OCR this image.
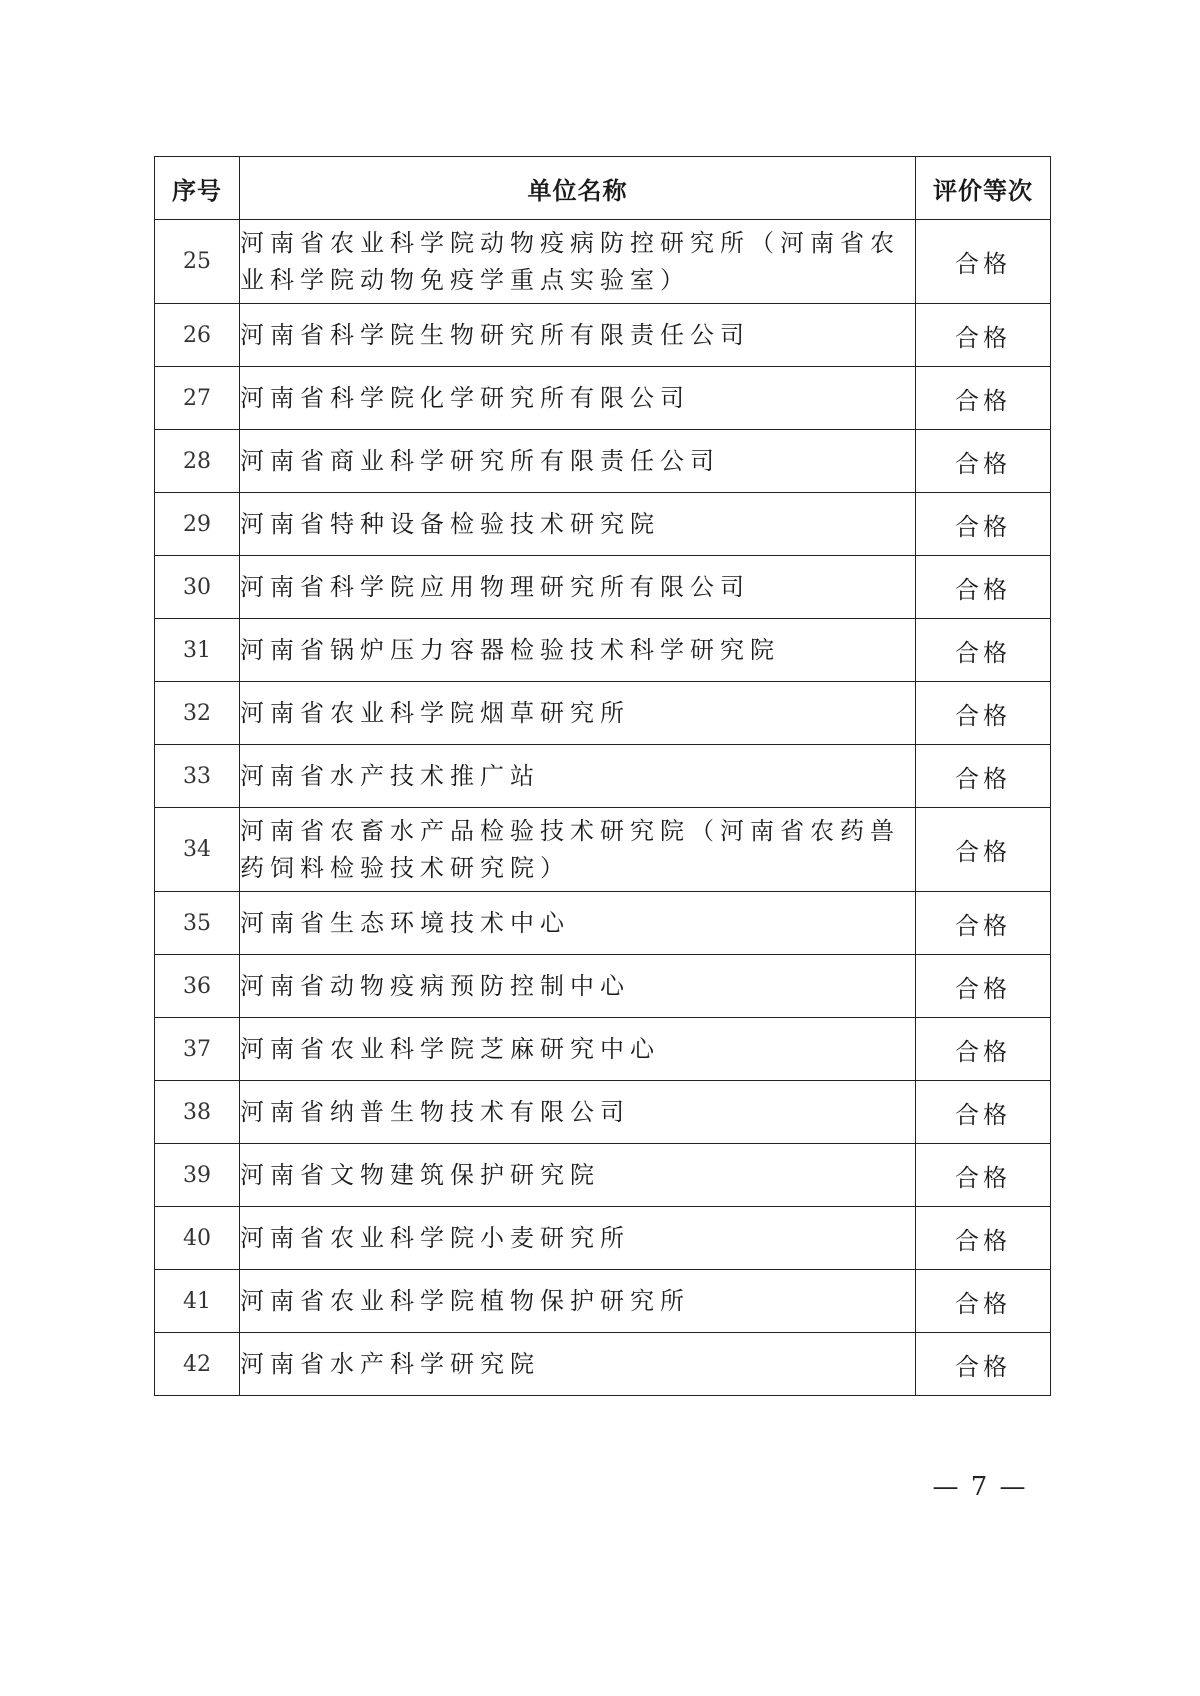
序号	单位名称	评价等次
25	河南省农业科学院动物疫病防控研究所（河南省农业科学院动物免疫学重点实验室）	合格
26	河南省科学院生物研究所有限责任公司	合格
27	河南省科学院化学研究所有限公司	合格
28	河南省商业科学研究所有限责任公司	合格
29	河南省特种设备检验技术研究院	合格
30	河南省科学院应用物理研究所有限公司	合格
31	河南省锅炉压力容器检验技术科学研究院	合格
32	河南省农业科学院烟草研究所	合格
33	河南省水产技术推广站	合格
34	河南省农畜水产品检验技术研究院（河南省农药兽药饲料检验技术研究院）	合格
35	河南省生态环境技术中心	合格
36	河南省动物疫病预防控制中心	合格
37	河南省农业科学院芝麻研究中心	合格
38	河南省纳普生物技术有限公司	合格
39	河南省文物建筑保护研究院	合格
40	河南省农业科学院小麦研究所	合格
41	河南省农业科学院植物保护研究所	合格
42	河南省水产科学研究院	合格
— 7 —
